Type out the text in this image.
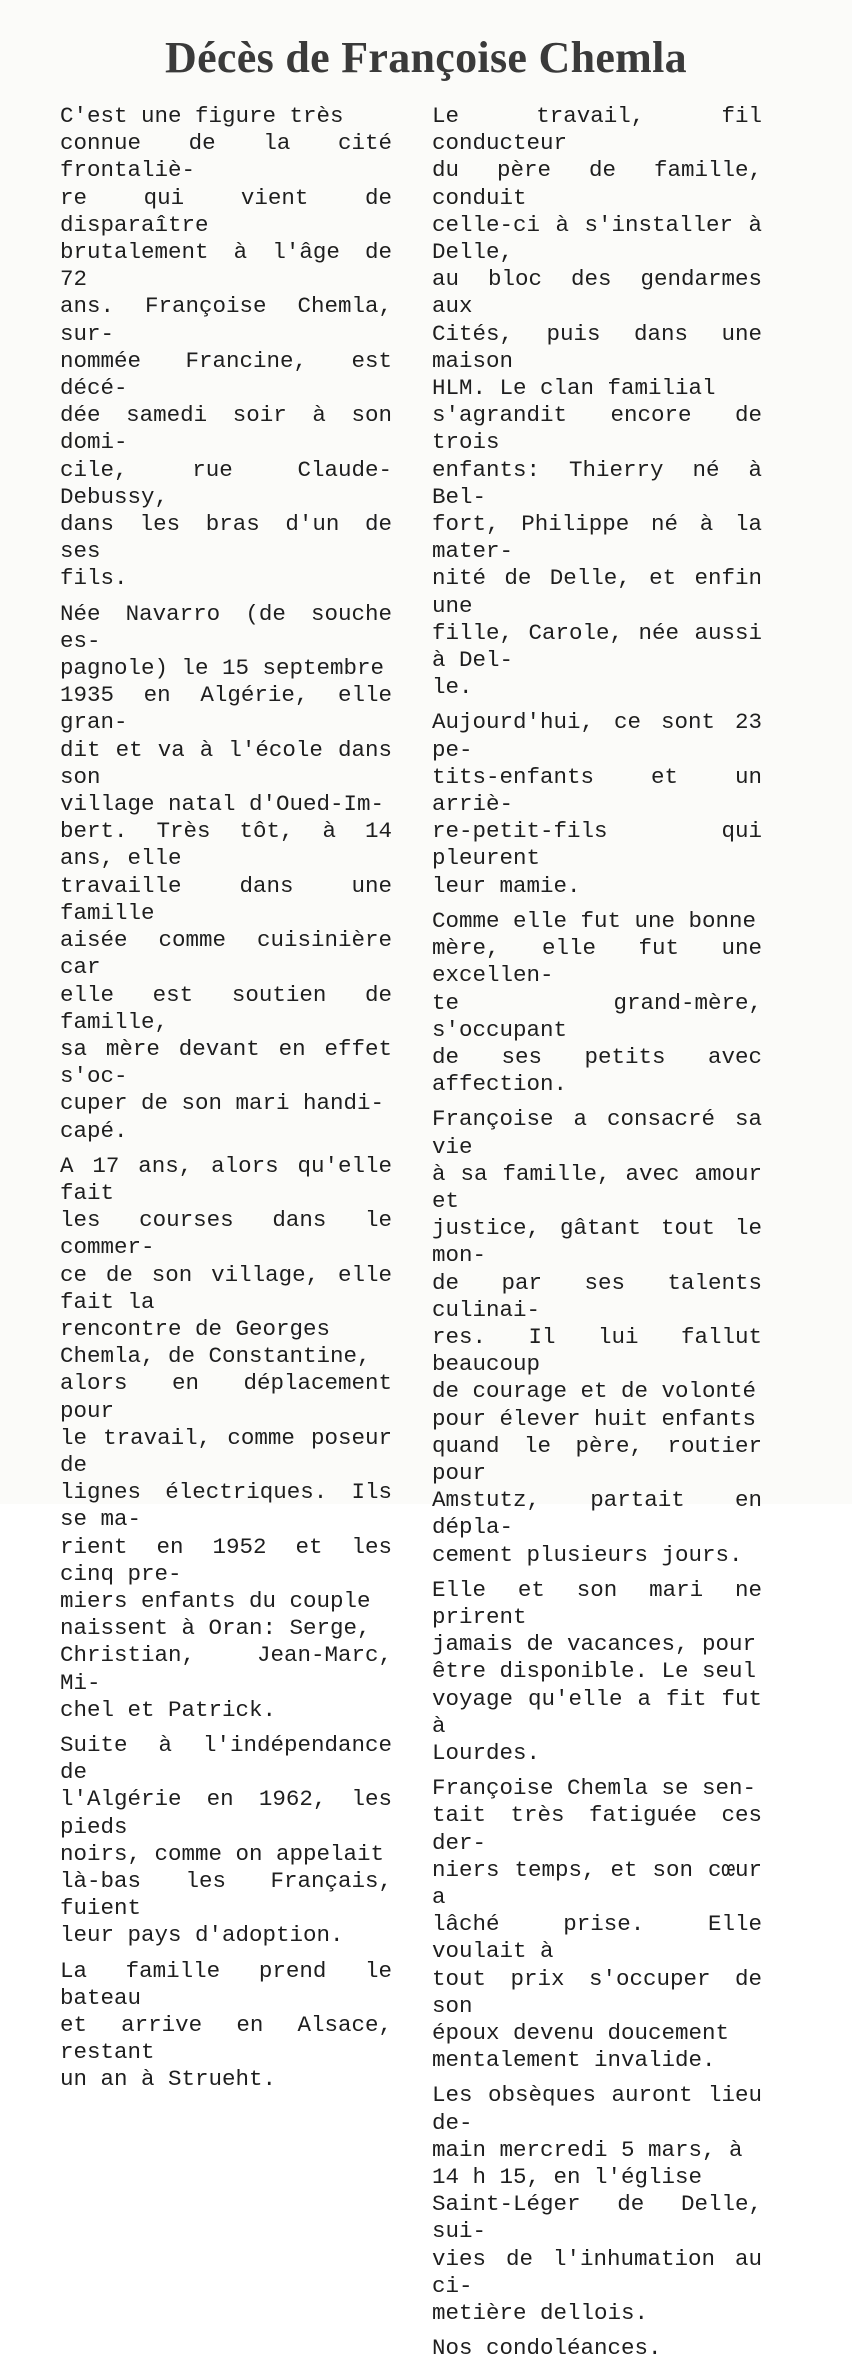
Décès de Françoise Chemla

C'est une figure très
connue de la cité frontaliè-
re qui vient de disparaître
brutalement à l'âge de 72
ans. Françoise Chemla, sur-
nommée Francine, est décé-
dée samedi soir à son domi-
cile, rue Claude-Debussy,
dans les bras d'un de ses
fils.

Née Navarro (de souche es-
pagnole) le 15 septembre
1935 en Algérie, elle gran-
dit et va à l'école dans son
village natal d'Oued-Im-
bert. Très tôt, à 14 ans, elle
travaille dans une famille
aisée comme cuisinière car
elle est soutien de famille,
sa mère devant en effet s'oc-
cuper de son mari handi-
capé.

A 17 ans, alors qu'elle fait
les courses dans le commer-
ce de son village, elle fait la
rencontre de Georges
Chemla, de Constantine,
alors en déplacement pour
le travail, comme poseur de
lignes électriques. Ils se ma-
rient en 1952 et les cinq pre-
miers enfants du couple
naissent à Oran: Serge,
Christian, Jean-Marc, Mi-
chel et Patrick.

Suite à l'indépendance de
l'Algérie en 1962, les pieds
noirs, comme on appelait
là-bas les Français, fuient
leur pays d'adoption.

La famille prend le bateau
et arrive en Alsace, restant
un an à Strueht.

Le travail, fil conducteur
du père de famille, conduit
celle-ci à s'installer à Delle,
au bloc des gendarmes aux
Cités, puis dans une maison
HLM. Le clan familial
s'agrandit encore de trois
enfants: Thierry né à Bel-
fort, Philippe né à la mater-
nité de Delle, et enfin une
fille, Carole, née aussi à Del-
le.

Aujourd'hui, ce sont 23 pe-
tits-enfants et un arriè-
re-petit-fils qui pleurent
leur mamie.

Comme elle fut une bonne
mère, elle fut une excellen-
te grand-mère, s'occupant
de ses petits avec affection.

Françoise a consacré sa vie
à sa famille, avec amour et
justice, gâtant tout le mon-
de par ses talents culinai-
res. Il lui fallut beaucoup
de courage et de volonté
pour élever huit enfants
quand le père, routier pour
Amstutz, partait en dépla-
cement plusieurs jours.

Elle et son mari ne prirent
jamais de vacances, pour
être disponible. Le seul
voyage qu'elle a fit fut à
Lourdes.

Françoise Chemla se sen-
tait très fatiguée ces der-
niers temps, et son cœur a
lâché prise. Elle voulait à
tout prix s'occuper de son
époux devenu doucement
mentalement invalide.

Les obsèques auront lieu de-
main mercredi 5 mars, à
14 h 15, en l'église
Saint-Léger de Delle, sui-
vies de l'inhumation au ci-
metière dellois.

Nos condoléances.
